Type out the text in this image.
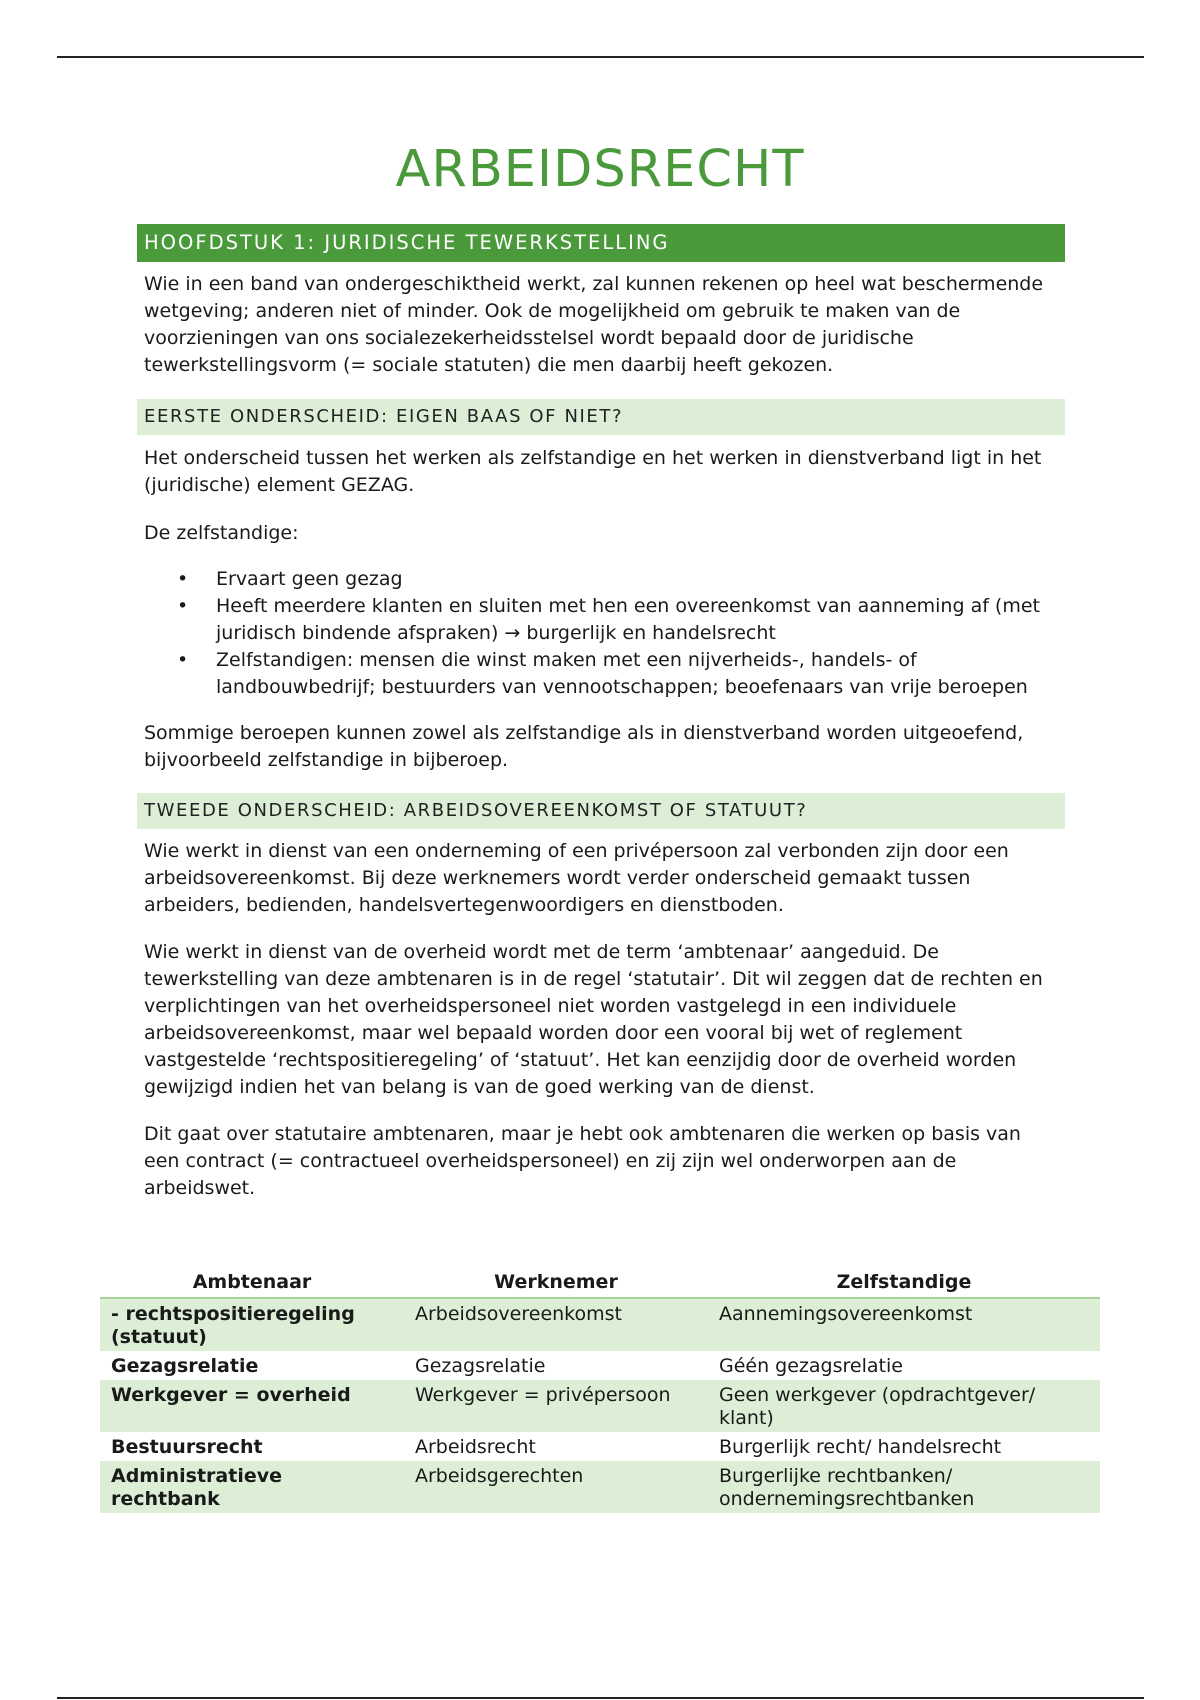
ARBEIDSRECHT
HOOFDSTUK 1: JURIDISCHE TEWERKSTELLING

Wie in een band van ondergeschiktheid werkt, zal kunnen rekenen op heel wat beschermende wetgeving; anderen niet of minder. Ook de mogelijkheid om gebruik te maken van de voorzieningen van ons socialezekerheidsstelsel wordt bepaald door de juridische tewerkstellingsvorm (= sociale statuten) die men daarbij heeft gekozen.

EERSTE ONDERSCHEID: EIGEN BAAS OF NIET?

Het onderscheid tussen het werken als zelfstandige en het werken in dienstverband ligt in het (juridische) element GEZAG.

De zelfstandige:

• Ervaart geen gezag
• Heeft meerdere klanten en sluiten met hen een overeenkomst van aanneming af (met juridisch bindende afspraken) → burgerlijk en handelsrecht
• Zelfstandigen: mensen die winst maken met een nijverheids-, handels- of landbouwbedrijf; bestuurders van vennootschappen; beoefenaars van vrije beroepen

Sommige beroepen kunnen zowel als zelfstandige als in dienstverband worden uitgeoefend, bijvoorbeeld zelfstandige in bijberoep.

TWEEDE ONDERSCHEID: ARBEIDSOVEREENKOMST OF STATUUT?

Wie werkt in dienst van een onderneming of een privépersoon zal verbonden zijn door een arbeidsovereenkomst. Bij deze werknemers wordt verder onderscheid gemaakt tussen arbeiders, bedienden, handelsvertegenwoordigers en dienstboden.

Wie werkt in dienst van de overheid wordt met de term ‘ambtenaar’ aangeduid. De tewerkstelling van deze ambtenaren is in de regel ‘statutair’. Dit wil zeggen dat de rechten en verplichtingen van het overheidspersoneel niet worden vastgelegd in een individuele arbeidsovereenkomst, maar wel bepaald worden door een vooral bij wet of reglement vastgestelde ‘rechtspositieregeling’ of ‘statuut’. Het kan eenzijdig door de overheid worden gewijzigd indien het van belang is van de goed werking van de dienst.

Dit gaat over statutaire ambtenaren, maar je hebt ook ambtenaren die werken op basis van een contract (= contractueel overheidspersoneel) en zij zijn wel onderworpen aan de arbeidswet.

Ambtenaar	Werknemer	Zelfstandige
- rechtspositieregeling (statuut)	Arbeidsovereenkomst	Aannemingsovereenkomst
Gezagsrelatie	Gezagsrelatie	Géén gezagsrelatie
Werkgever = overheid	Werkgever = privépersoon	Geen werkgever (opdrachtgever/ klant)
Bestuursrecht	Arbeidsrecht	Burgerlijk recht/ handelsrecht
Administratieve rechtbank	Arbeidsgerechten	Burgerlijke rechtbanken/ ondernemingsrechtbanken
